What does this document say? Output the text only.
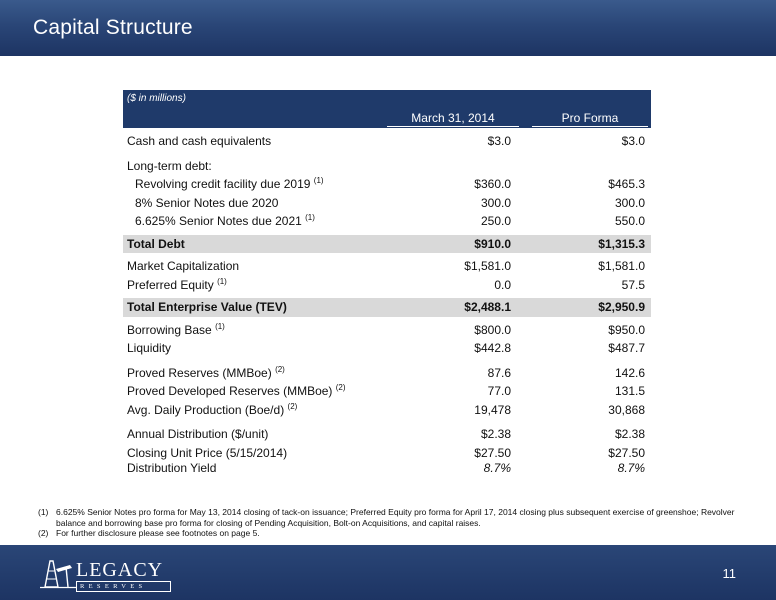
Capital Structure
($ in millions)
March 31, 2014	Pro Forma
Cash and cash equivalents	$3.0	$3.0
Long-term debt:
Revolving credit facility due 2019 $^{(1)}$	$360.0	$465.3
8% Senior Notes due 2020	300.0	300.0
6.625% Senior Notes due 2021 $^{(1)}$	250.0	550.0
Total Debt	$910.0	$1,315.3
Market Capitalization	$1,581.0	$1,581.0
Preferred Equity $^{(1)}$	0.0	57.5
Total Enterprise Value (TEV)	$2,488.1	$2,950.9
Borrowing Base $^{(1)}$	$800.0	$950.0
Liquidity	$442.8	$487.7
Proved Reserves (MMBoe) $^{(2)}$	87.6	142.6
Proved Developed Reserves (MMBoe) $^{(2)}$	77.0	131.5
Avg. Daily Production (Boe/d) $^{(2)}$	19,478	30,868
Annual Distribution ($/unit)	$2.38	$2.38
Closing Unit Price (5/15/2014)	$27.50	$27.50
Distribution Yield	8.7%	8.7%
(1) 6.625% Senior Notes pro forma for May 13, 2014 closing of tack-on issuance; Preferred Equity pro forma for April 17, 2014 closing plus subsequent exercise of greenshoe; Revolver balance and borrowing base pro forma for closing of Pending Acquisition, Bolt-on Acquisitions, and capital raises.
(2) For further disclosure please see footnotes on page 5.
LEGACY
RESERVES
11
